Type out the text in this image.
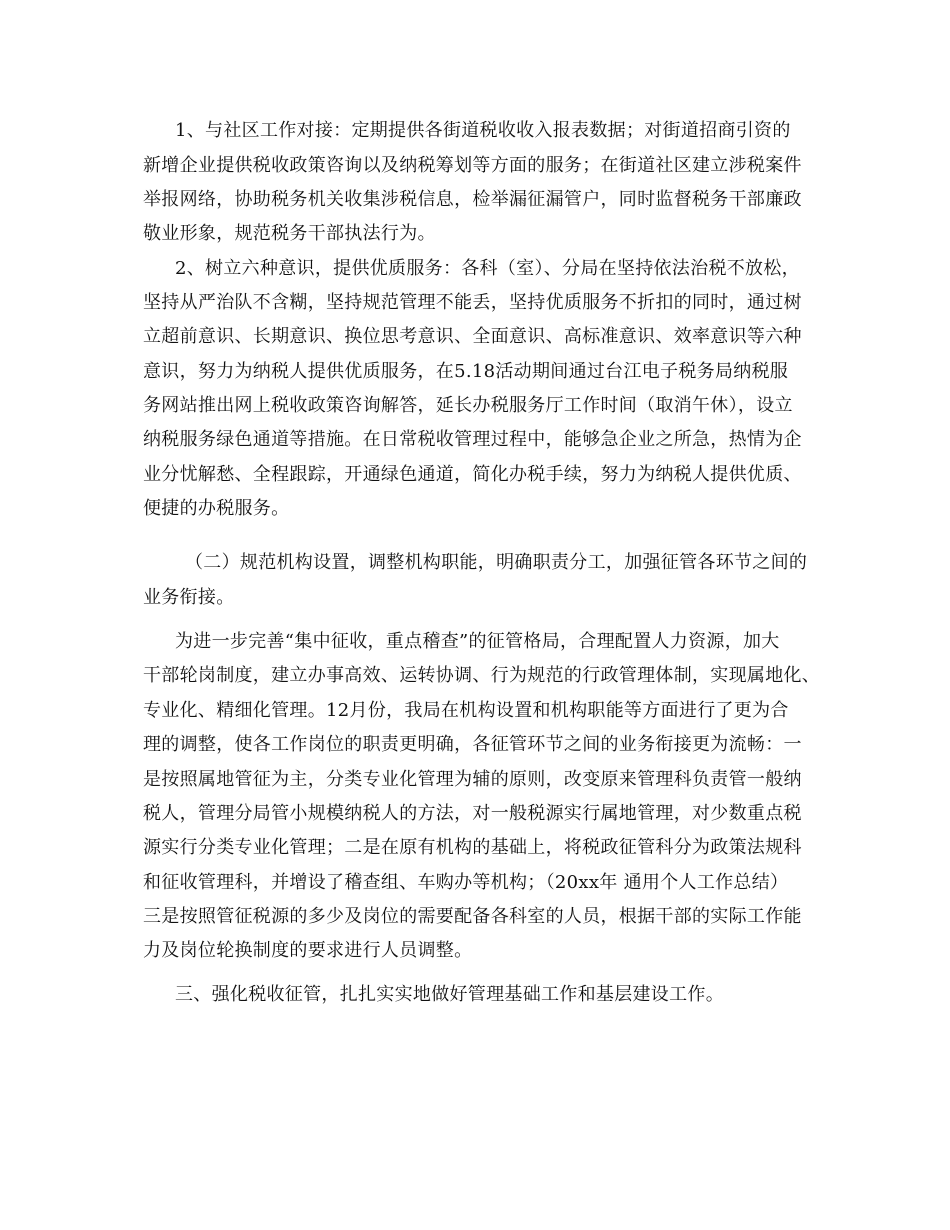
1、与社区工作对接：定期提供各街道税收收入报表数据；对街道招商引资的
新增企业提供税收政策咨询以及纳税筹划等方面的服务；在街道社区建立涉税案件
举报网络，协助税务机关收集涉税信息，检举漏征漏管户，同时监督税务干部廉政
敬业形象，规范税务干部执法行为。
2、树立六种意识，提供优质服务：各科（室）、分局在坚持依法治税不放松，
坚持从严治队不含糊，坚持规范管理不能丢，坚持优质服务不折扣的同时，通过树
立超前意识、长期意识、换位思考意识、全面意识、高标准意识、效率意识等六种
意识，努力为纳税人提供优质服务，在5.18活动期间通过台江电子税务局纳税服
务网站推出网上税收政策咨询解答，延长办税服务厅工作时间（取消午休），设立
纳税服务绿色通道等措施。在日常税收管理过程中，能够急企业之所急，热情为企
业分忧解愁、全程跟踪，开通绿色通道，简化办税手续，努力为纳税人提供优质、
便捷的办税服务。
（二）规范机构设置，调整机构职能，明确职责分工，加强征管各环节之间的
业务衔接。
为进一步完善“集中征收，重点稽查”的征管格局，合理配置人力资源，加大
干部轮岗制度，建立办事高效、运转协调、行为规范的行政管理体制，实现属地化、
专业化、精细化管理。12月份，我局在机构设置和机构职能等方面进行了更为合
理的调整，使各工作岗位的职责更明确，各征管环节之间的业务衔接更为流畅：一
是按照属地管征为主，分类专业化管理为辅的原则，改变原来管理科负责管一般纳
税人，管理分局管小规模纳税人的方法，对一般税源实行属地管理，对少数重点税
源实行分类专业化管理；二是在原有机构的基础上，将税政征管科分为政策法规科
和征收管理科，并增设了稽查组、车购办等机构；（20xx年 通用个人工作总结）
三是按照管征税源的多少及岗位的需要配备各科室的人员，根据干部的实际工作能
力及岗位轮换制度的要求进行人员调整。
三、强化税收征管，扎扎实实地做好管理基础工作和基层建设工作。
